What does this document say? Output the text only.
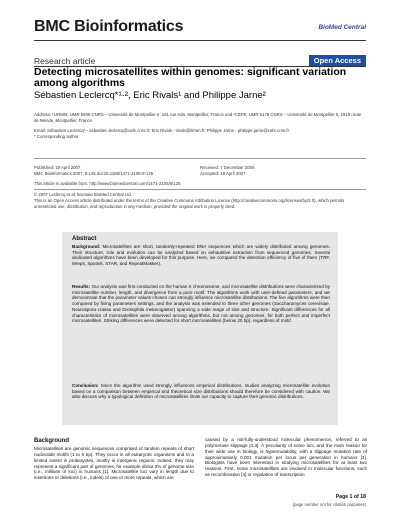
BMC Bioinformatics	BioMed Central
Research article	Open Access
Detecting microsatellites within genomes: significant variation among algorithms
Sébastien Leclercq*¹·², Eric Rivals¹ and Philippe Jarne²
Address: ¹LIRMM, UMR 5506 CNRS – Université de Montpellier II, 161 rue Ada, Montpellier, France and ²CEFE, UMR 5175 CNRS – Université de Montpellier II, 1919 route de Mende, Montpellier, France
Email: Sébastien Leclercq* - sebastien.leclercq@cefe.cnrs.fr; Eric Rivals - rivals@lirmm.fr; Philippe Jarne - philippe.jarne@cefe.cnrs.fr
* Corresponding author
Published: 18 April 2007
BMC Bioinformatics 2007, 8:125 doi:10.1186/1471-2105-8-125
Received: 7 December 2006
Accepted: 18 April 2007
This article is available from: http://www.biomedcentral.com/1471-2105/8/125
© 2007 Leclercq et al; licensee BioMed Central Ltd.
This is an Open Access article distributed under the terms of the Creative Commons Attribution License (http://creativecommons.org/licenses/by/2.0), which permits unrestricted use, distribution, and reproduction in any medium, provided the original work is properly cited.
Abstract
Background: Microsatellites are short, tandemly-repeated DNA sequences which are widely distributed among genomes. Their structure, role and evolution can be analyzed based on exhaustive extraction from sequenced genomes. Several dedicated algorithms have been developed for this purpose. Here, we compared the detection efficiency of five of them (TRF, Mreps, Sputnik, STAR, and RepeatMasker).
Results: Our analysis was first conducted on the human X chromosome, and microsatellite distributions were characterized by microsatellite number, length, and divergence from a pure motif. The algorithms work with user-defined parameters, and we demonstrate that the parameter values chosen can strongly influence microsatellite distributions. The five algorithms were then compared by fixing parameters settings, and the analysis was extended to three other genomes (Saccharomyces cerevisiae, Neurospora crassa and Drosophila melanogaster) spanning a wide range of size and structure. Significant differences for all characteristics of microsatellites were observed among algorithms, but not among genomes, for both perfect and imperfect microsatellites. Striking differences were detected for short microsatellites (below 20 bp), regardless of motif.
Conclusion: Since the algorithm used strongly influences empirical distributions, studies analyzing microsatellite evolution based on a comparison between empirical and theoretical size distributions should therefore be considered with caution. We also discuss why a typological definition of microsatellites limits our capacity to capture their genomic distributions.
Background
Microsatellites are genomic sequences comprised of tandem repeats of short nucleotide motifs (1 to 6 bp). They occur in all eukaryotic organisms and to a limited extent in prokaryotes, mostly in intergenic regions. Indeed, they may represent a significant part of genomes, for example about 3% of genome size (i.e., millions of loci) in humans [1]. Microsatellite loci vary in length due to insertions or deletions (i.e., indels) of one or more repeats, which are
caused by a not-fully-understood molecular phenomenon, referred to as polymerase slippage [2,3]. A peculiarity of some loci, and the main reason for their wide use in biology, is hypermutability, with a slippage mutation rate of approximatively 0.001 mutation per locus per generation in humans [3]. Biologists have been interested in studying microsatellites for at least two reasons. First, some microsatellites are involved in molecular functions, such as recombination [4] or regulation of transcription
Page 1 of 18
(page number not for citation purposes)
